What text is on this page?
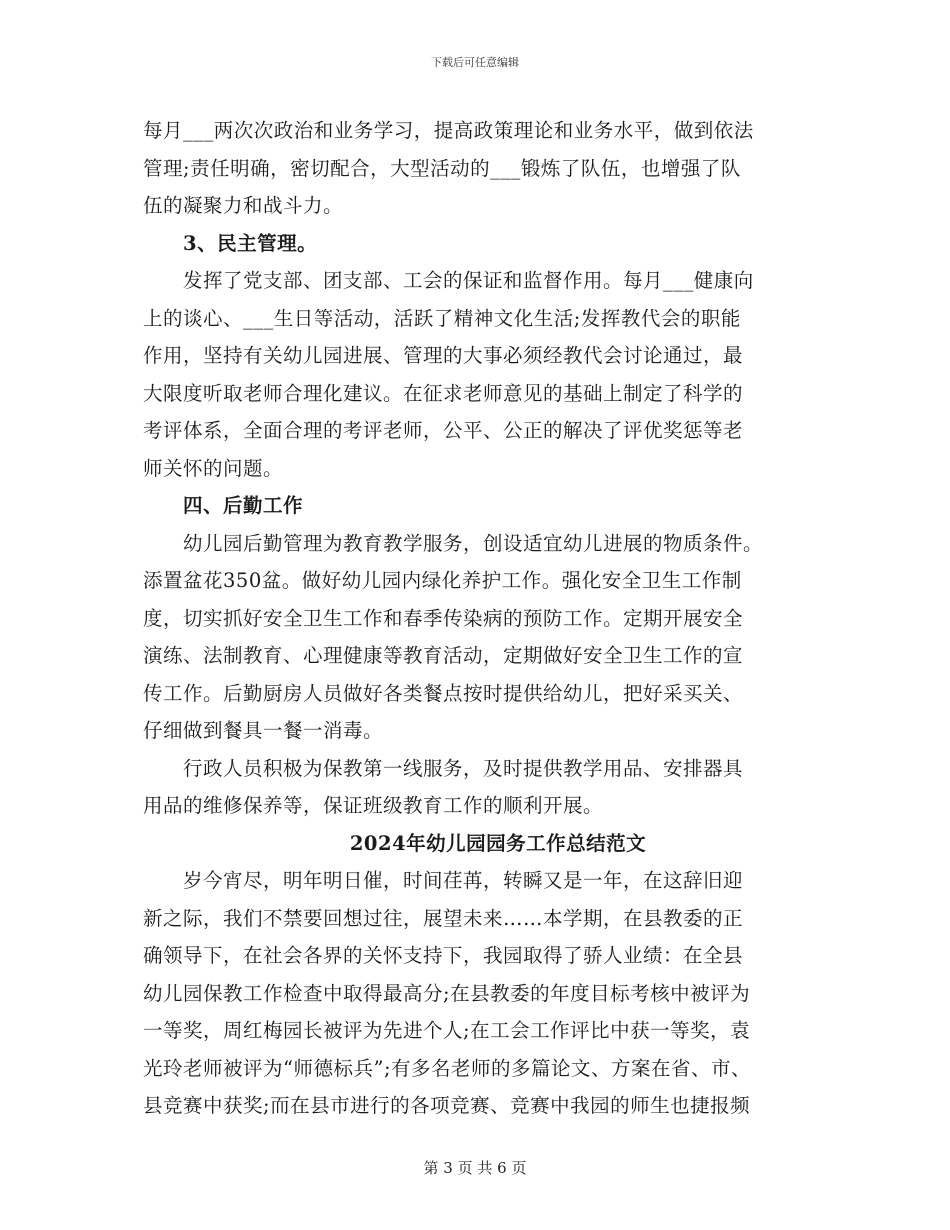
下载后可任意编辑
每月___两次次政治和业务学习，提高政策理论和业务水平，做到依法
管理;责任明确，密切配合，大型活动的___锻炼了队伍，也增强了队
伍的凝聚力和战斗力。
3、民主管理。
发挥了党支部、团支部、工会的保证和监督作用。每月___健康向
上的谈心、___生日等活动，活跃了精神文化生活;发挥教代会的职能
作用，坚持有关幼儿园进展、管理的大事必须经教代会讨论通过，最
大限度听取老师合理化建议。在征求老师意见的基础上制定了科学的
考评体系，全面合理的考评老师，公平、公正的解决了评优奖惩等老
师关怀的问题。
四、后勤工作
幼儿园后勤管理为教育教学服务，创设适宜幼儿进展的物质条件。
添置盆花350盆。做好幼儿园内绿化养护工作。强化安全卫生工作制
度，切实抓好安全卫生工作和春季传染病的预防工作。定期开展安全
演练、法制教育、心理健康等教育活动，定期做好安全卫生工作的宣
传工作。后勤厨房人员做好各类餐点按时提供给幼儿，把好采买关、
仔细做到餐具一餐一消毒。
行政人员积极为保教第一线服务，及时提供教学用品、安排器具
用品的维修保养等，保证班级教育工作的顺利开展。
2024年幼儿园园务工作总结范文
岁今宵尽，明年明日催，时间荏苒，转瞬又是一年，在这辞旧迎
新之际，我们不禁要回想过往，展望未来……本学期，在县教委的正
确领导下，在社会各界的关怀支持下，我园取得了骄人业绩：在全县
幼儿园保教工作检查中取得最高分;在县教委的年度目标考核中被评为
一等奖，周红梅园长被评为先进个人;在工会工作评比中获一等奖，袁
光玲老师被评为“师德标兵”;有多名老师的多篇论文、方案在省、市、
县竞赛中获奖;而在县市进行的各项竞赛、竞赛中我园的师生也捷报频
第 3 页 共 6 页
